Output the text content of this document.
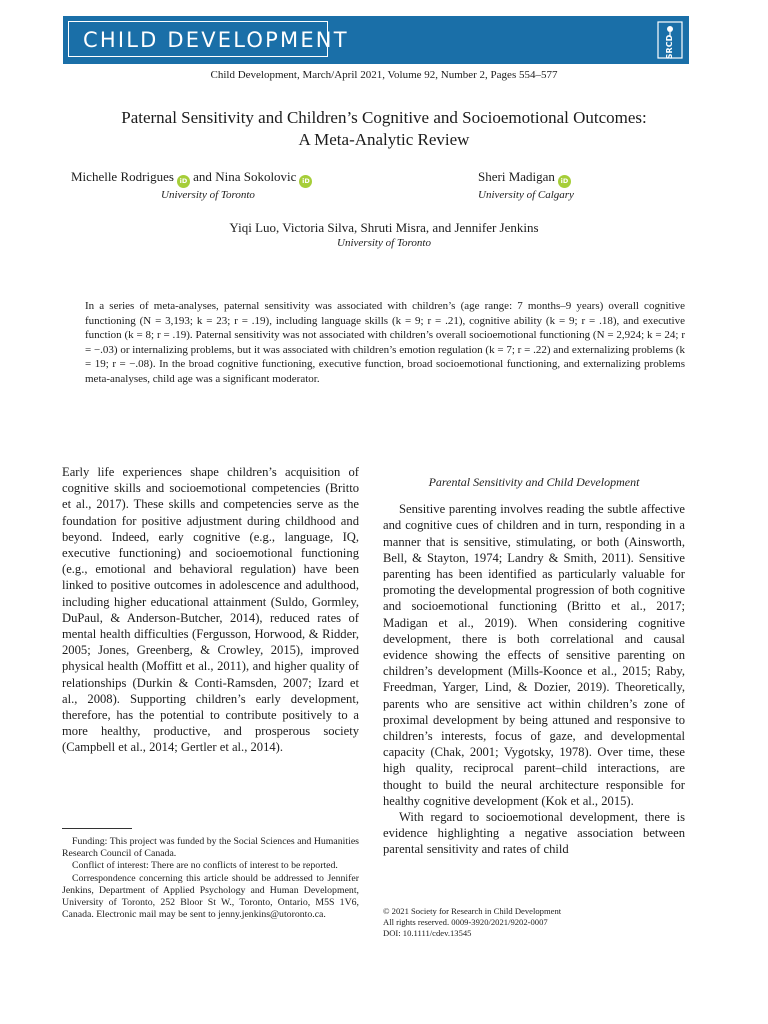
CHILD DEVELOPMENT	SRCD
Child Development, March/April 2021, Volume 92, Number 2, Pages 554–577
Paternal Sensitivity and Children’s Cognitive and Socioemotional Outcomes:
A Meta-Analytic Review
Michelle Rodrigues iD and Nina Sokolovic iD
University of Toronto
Sheri Madigan iD
University of Calgary
Yiqi Luo, Victoria Silva, Shruti Misra, and Jennifer Jenkins
University of Toronto
In a series of meta-analyses, paternal sensitivity was associated with children’s (age range: 7 months–9 years) overall cognitive functioning (N = 3,193; k = 23; r = .19), including language skills (k = 9; r = .21), cognitive ability (k = 9; r = .18), and executive function (k = 8; r = .19). Paternal sensitivity was not associated with children’s overall socioemotional functioning (N = 2,924; k = 24; r = −.03) or internalizing problems, but it was associated with children’s emotion regulation (k = 7; r = .22) and externalizing problems (k = 19; r = −.08). In the broad cognitive functioning, executive function, broad socioemotional functioning, and externalizing problems meta-analyses, child age was a significant moderator.

Early life experiences shape children’s acquisition of cognitive skills and socioemotional competencies (Britto et al., 2017). These skills and competencies serve as the foundation for positive adjustment during childhood and beyond. Indeed, early cognitive (e.g., language, IQ, executive functioning) and socioemotional functioning (e.g., emotional and behavioral regulation) have been linked to positive outcomes in adolescence and adulthood, including higher educational attainment (Suldo, Gormley, DuPaul, & Anderson-Butcher, 2014), reduced rates of mental health difficulties (Fergusson, Horwood, & Ridder, 2005; Jones, Greenberg, & Crowley, 2015), improved physical health (Moffitt et al., 2011), and higher quality of relationships (Durkin & Conti-Ramsden, 2007; Izard et al., 2008). Supporting children’s early development, therefore, has the potential to contribute positively to a more healthy, productive, and prosperous society (Campbell et al., 2014; Gertler et al., 2014).

Parental Sensitivity and Child Development

Sensitive parenting involves reading the subtle affective and cognitive cues of children and in turn, responding in a manner that is sensitive, stimulating, or both (Ainsworth, Bell, & Stayton, 1974; Landry & Smith, 2011). Sensitive parenting has been identified as particularly valuable for promoting the developmental progression of both cognitive and socioemotional functioning (Britto et al., 2017; Madigan et al., 2019). When considering cognitive development, there is both correlational and causal evidence showing the effects of sensitive parenting on children’s development (Mills-Koonce et al., 2015; Raby, Freedman, Yarger, Lind, & Dozier, 2019). Theoretically, parents who are sensitive act within children’s zone of proximal development by being attuned and responsive to children’s interests, focus of gaze, and developmental capacity (Chak, 2001; Vygotsky, 1978). Over time, these high quality, reciprocal parent–child interactions, are thought to build the neural architecture responsible for healthy cognitive development (Kok et al., 2015).

With regard to socioemotional development, there is evidence highlighting a negative association between parental sensitivity and rates of child

Funding: This project was funded by the Social Sciences and Humanities Research Council of Canada.

Conflict of interest: There are no conflicts of interest to be reported.

Correspondence concerning this article should be addressed to Jennifer Jenkins, Department of Applied Psychology and Human Development, University of Toronto, 252 Bloor St W., Toronto, Ontario, M5S 1V6, Canada. Electronic mail may be sent to jenny.jenkins@utoronto.ca.	© 2021 Society for Research in Child Development
All rights reserved. 0009-3920/2021/9202-0007
DOI: 10.1111/cdev.13545
